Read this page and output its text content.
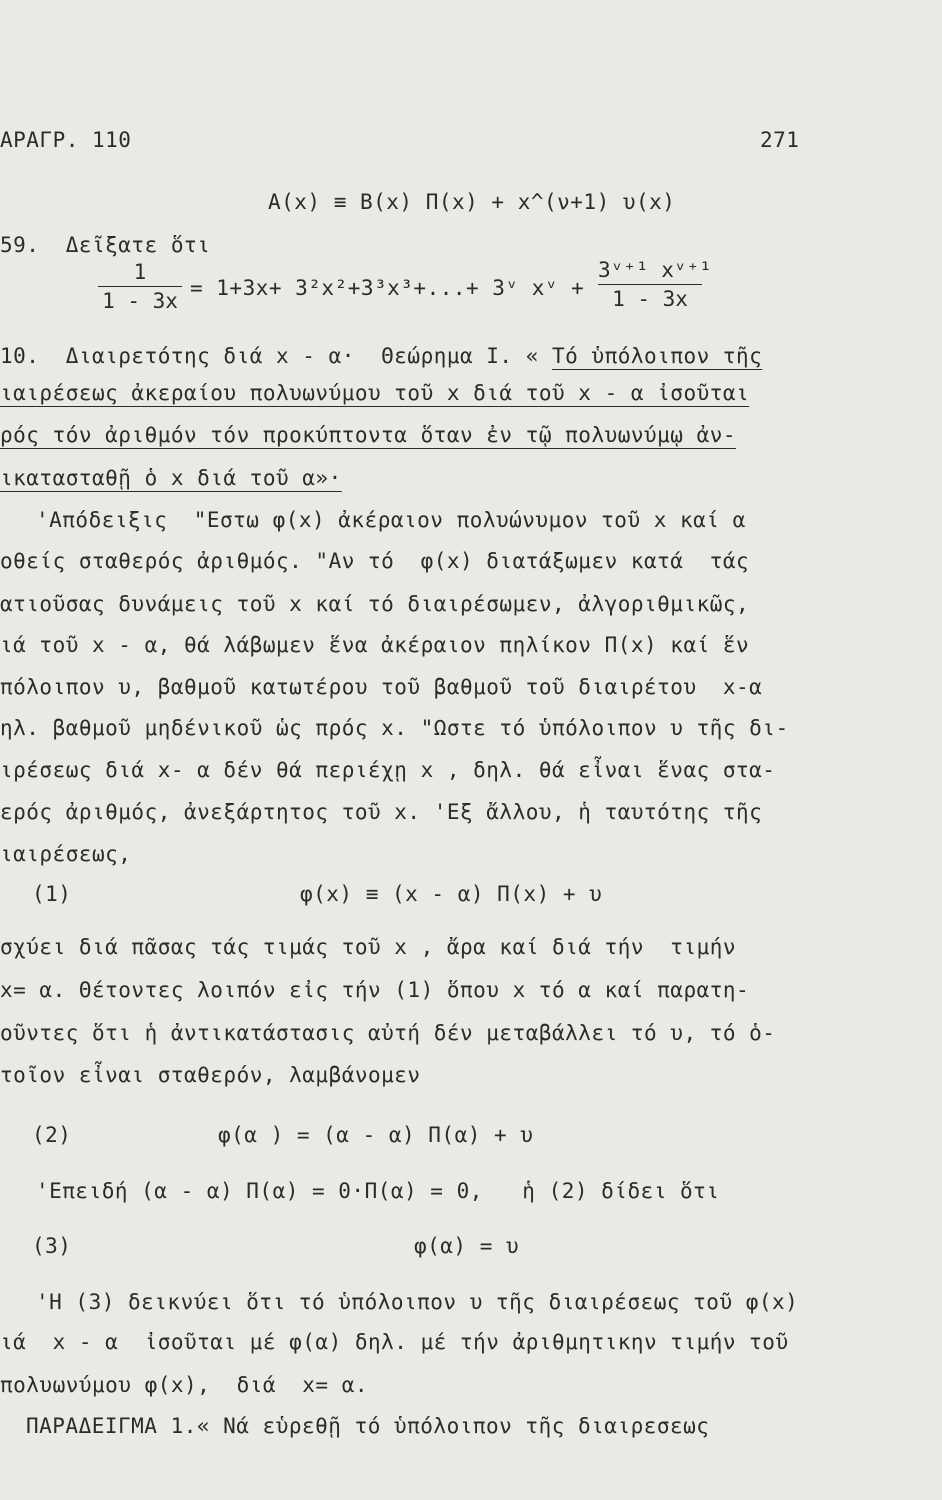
ΑΡΑΓΡ. 110	271
A(x) ≡ B(x) Π(x) + x^(ν+1) υ(x)
59.  Δεῖξατε ὅτι
1
1 - 3x
= 1+3x+ 3²x²+3³x³+...+ 3ᵛ xᵛ +
3ᵛ⁺¹ xᵛ⁺¹
1 - 3x
10.  Διαιρετότης διά x - α·  Θεώρημα I. « Τό ὑπόλοιπον τῆς
ιαιρέσεως ἀκεραίου πολυωνύμου τοῦ x διά τοῦ x - α ἰσοῦται
ρός τόν ἀριθμόν τόν προκύπτοντα ὅταν ἐν τῷ πολυωνύμῳ ἀν-
ικατασταθῇ ὁ x διά τοῦ α»·
'Απόδειξις  "Εστω φ(x) ἀκέραιον πολυώνυμον τοῦ x καί α
οθείς σταθερός ἀριθμός. "Αν τό  φ(x) διατάξωμεν κατά  τάς
ατιοῦσας δυνάμεις τοῦ x καί τό διαιρέσωμεν, ἀλγοριθμικῶς,
ιά τοῦ x - α, θά λάβωμεν ἕνα ἀκέραιον πηλίκον Π(x) καί ἕν
πόλοιπον υ, βαθμοῦ κατωτέρου τοῦ βαθμοῦ τοῦ διαιρέτου  x-α
ηλ. βαθμοῦ μηδένικοῦ ὡς πρός x. "Ωστε τό ὑπόλοιπον υ τῆς δι-
ιρέσεως διά x- α δέν θά περιέχῃ x , δηλ. θά εἶναι ἕνας στα-
ερός ἀριθμός, ἀνεξάρτητος τοῦ x. 'Εξ ἄλλου, ἡ ταυτότης τῆς
ιαιρέσεως,
(1)	φ(x) ≡ (x - α) Π(x) + υ
σχύει διά πᾶσας τάς τιμάς τοῦ x , ἄρα καί διά τήν  τιμήν
x= α. Θέτοντες λοιπόν εἰς τήν (1) ὅπου x τό α καί παρατη-
οῦντες ὅτι ἡ ἀντικατάστασις αὐτή δέν μεταβάλλει τό υ, τό ὁ-
τοῖον εἶναι σταθερόν, λαμβάνομεν
(2)	φ(α ) = (α - α) Π(α) + υ
'Επειδή (α - α) Π(α) = 0·Π(α) = 0,   ἡ (2) δίδει ὅτι
(3)	φ(α) = υ
'Η (3) δεικνύει ὅτι τό ὑπόλοιπον υ τῆς διαιρέσεως τοῦ φ(x)
ιά  x - α  ἰσοῦται μέ φ(α) δηλ. μέ τήν ἀριθμητικην τιμήν τοῦ
πολυωνύμου φ(x),  διά  x= α.
ΠΑΡΑΔΕΙΓΜΑ 1.« Νά εὑρεθῇ τό ὑπόλοιπον τῆς διαιρεσεως
